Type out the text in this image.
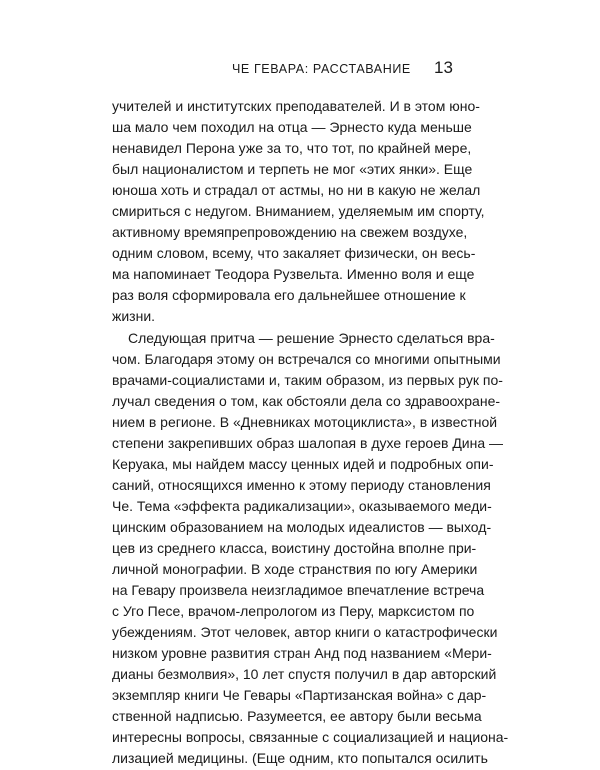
ЧЕ ГЕВАРА: РАССТАВАНИЕ 13
учителей и институтских преподавателей. И в этом юно-
ша мало чем походил на отца — Эрнесто куда меньше
ненавидел Перона уже за то, что тот, по крайней мере,
был националистом и терпеть не мог «этих янки». Еще
юноша хоть и страдал от астмы, но ни в какую не желал
смириться с недугом. Вниманием, уделяемым им спорту,
активному времяпрепровождению на свежем воздухе,
одним словом, всему, что закаляет физически, он весь-
ма напоминает Теодора Рузвельта. Именно воля и еще
раз воля сформировала его дальнейшее отношение к
жизни.
Следующая притча — решение Эрнесто сделаться вра-
чом. Благодаря этому он встречался со многими опытными
врачами-социалистами и, таким образом, из первых рук по-
лучал сведения о том, как обстояли дела со здравоохране-
нием в регионе. В «Дневниках мотоциклиста», в известной
степени закрепивших образ шалопая в духе героев Дина —
Керуака, мы найдем массу ценных идей и подробных опи-
саний, относящихся именно к этому периоду становления
Че. Тема «эффекта радикализации», оказываемого меди-
цинским образованием на молодых идеалистов — выход-
цев из среднего класса, воистину достойна вполне при-
личной монографии. В ходе странствия по югу Америки
на Гевару произвела неизгладимое впечатление встреча
с Уго Песе, врачом-лепрологом из Перу, марксистом по
убеждениям. Этот человек, автор книги о катастрофически
низком уровне развития стран Анд под названием «Мери-
дианы безмолвия», 10 лет спустя получил в дар авторский
экземпляр книги Че Гевары «Партизанская война» с дар-
ственной надписью. Разумеется, ее автору были весьма
интересны вопросы, связанные с социализацией и национа-
лизацией медицины. (Еще одним, кто попытался осилить
